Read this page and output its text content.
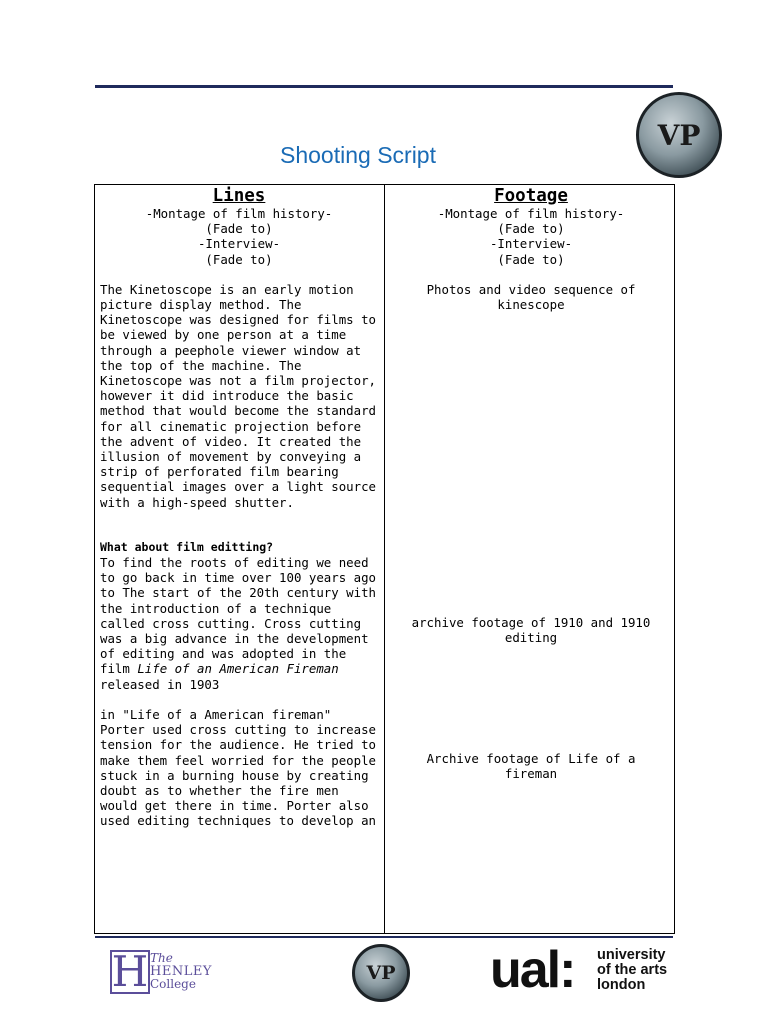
VP
Shooting Script
Lines
-Montage of film history-
(Fade to)
-Interview-
(Fade to)

The Kinetoscope is an early motion picture display method. The Kinetoscope was designed for films to be viewed by one person at a time through a peephole viewer window at the top of the machine. The Kinetoscope was not a film projector, however it did introduce the basic method that would become the standard for all cinematic projection before the advent of video. It created the illusion of movement by conveying a strip of perforated film bearing sequential images over a light source with a high-speed shutter.

What about film editting?

To find the roots of editing we need to go back in time over 100 years ago to The start of the 20th century with the introduction of a technique called cross cutting. Cross cutting was a big advance in the development of editing and was adopted in the film Life of an American Fireman released in 1903

in "Life of a American fireman" Porter used cross cutting to increase tension for the audience. He tried to make them feel worried for the people stuck in a burning house by creating doubt as to whether the fire men would get there in time. Porter also used editing techniques to develop an

Footage
-Montage of film history-
(Fade to)
-Interview-
(Fade to)
Photos and video sequence of kinescope
archive footage of 1910 and 1910 editing
Archive footage of Life of a fireman
H The
HENLEY
College	VP ual: university
of the arts
london
